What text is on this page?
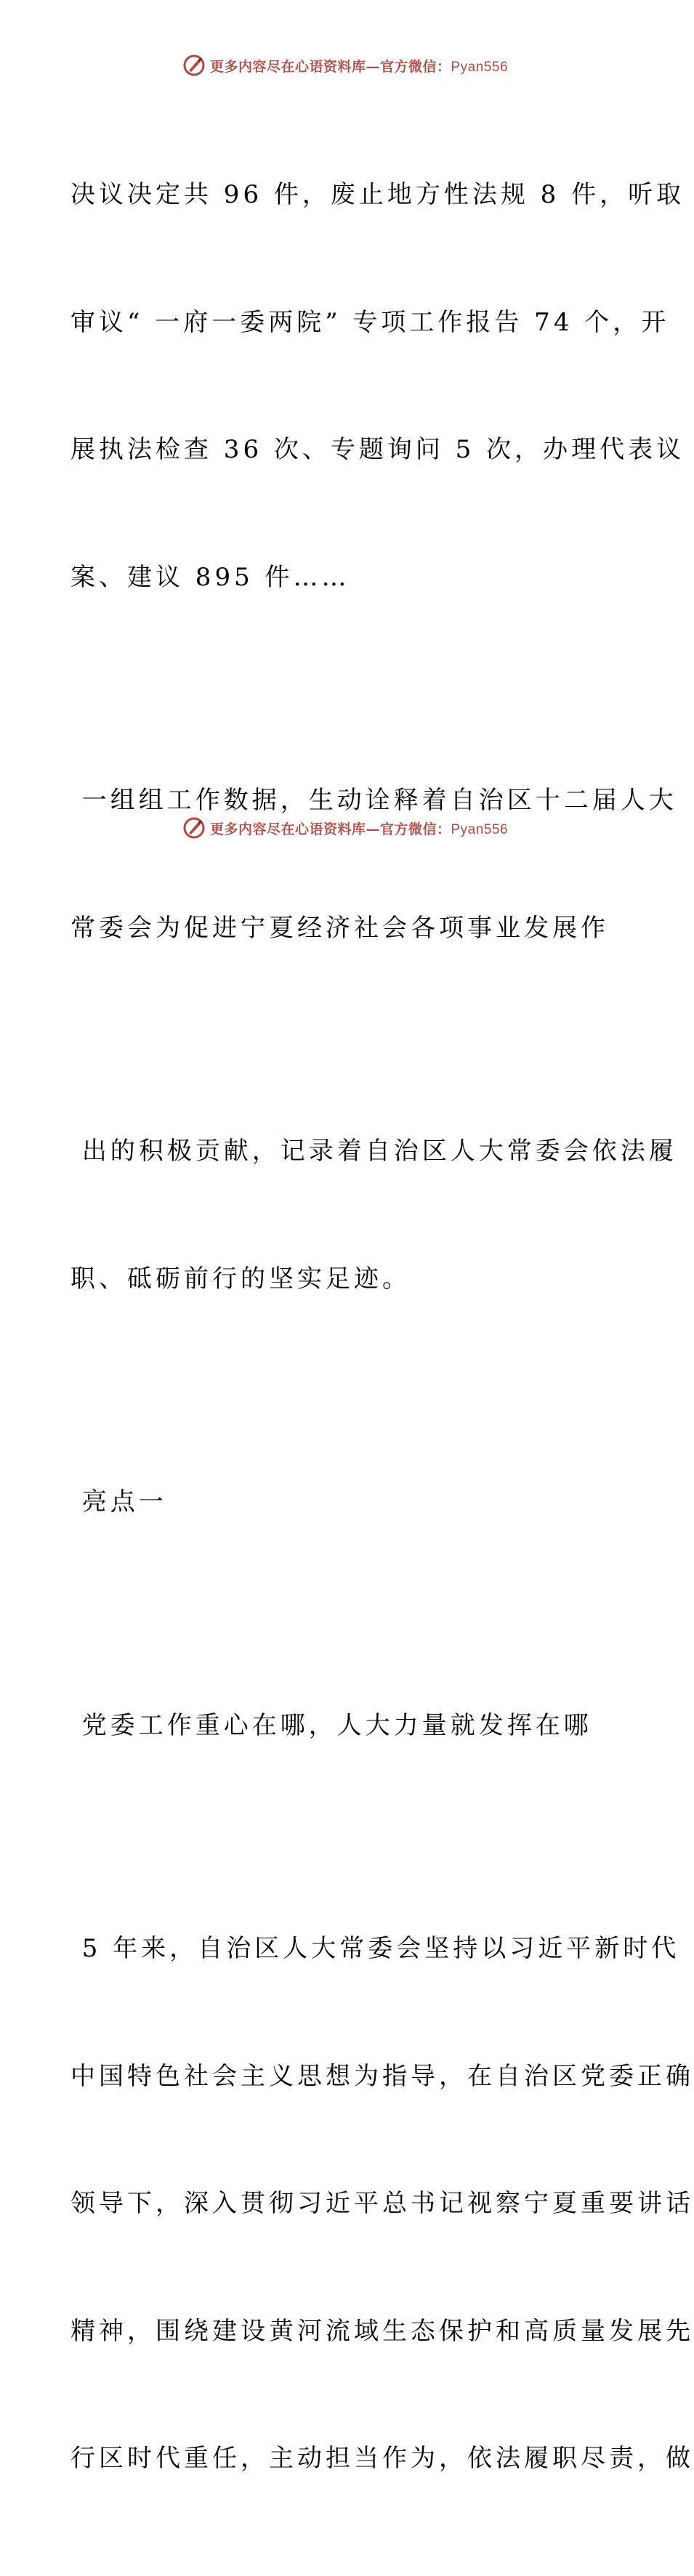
更多内容尽在心语资料库—官方微信：Pyan556

决议决定共 96 件，废止地方性法规 8 件，听取

审议“ 一府一委两院” 专项工作报告 74 个，开

展执法检查 36 次、专题询问 5 次，办理代表议

案、建议 895 件……

一组组工作数据，生动诠释着自治区十二届人大

常委会为促进宁夏经济社会各项事业发展作

出的积极贡献，记录着自治区人大常委会依法履

职、砥砺前行的坚实足迹。

亮点一

党委工作重心在哪，人大力量就发挥在哪

5 年来，自治区人大常委会坚持以习近平新时代

中国特色社会主义思想为指导，在自治区党委正确

领导下，深入贯彻习近平总书记视察宁夏重要讲话

精神，围绕建设黄河流域生态保护和高质量发展先

行区时代重任，主动担当作为，依法履职尽责，做

更多内容尽在心语资料库—官方微信：Pyan556
